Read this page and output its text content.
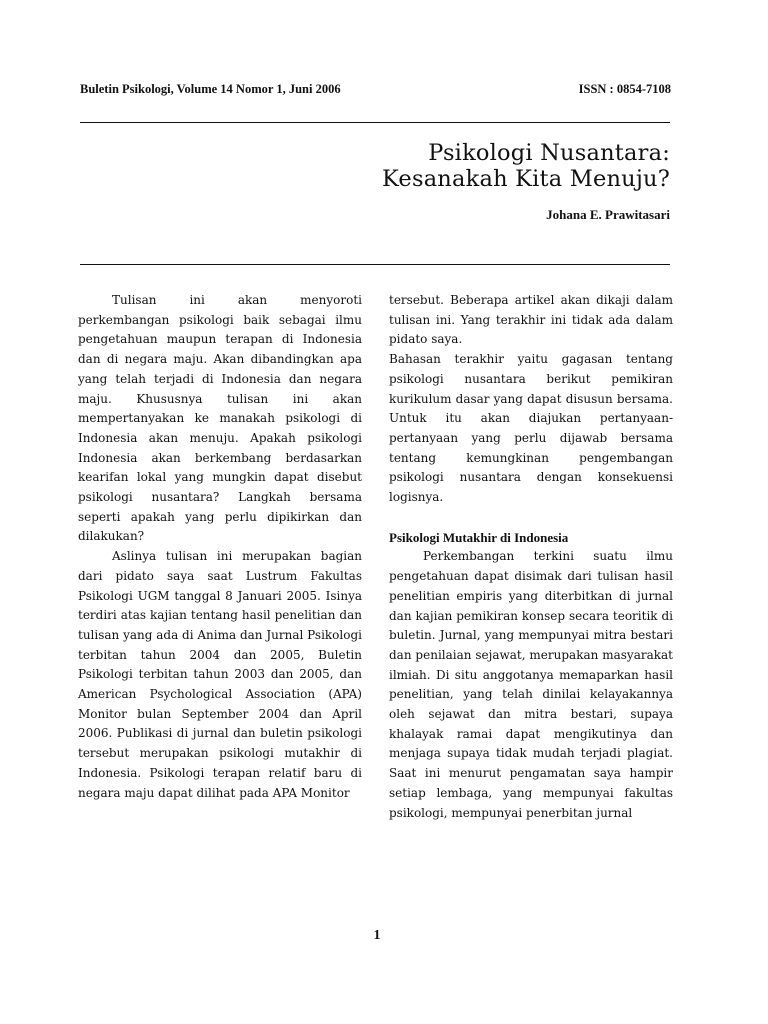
Buletin Psikologi, Volume 14 Nomor 1, Juni 2006	ISSN : 0854-7108
Psikologi Nusantara:
Kesanakah Kita Menuju?
Johana E. Prawitasari

Tulisan ini akan menyoroti perkembangan psikologi baik sebagai ilmu pengetahuan maupun terapan di Indonesia dan di negara maju. Akan dibandingkan apa yang telah terjadi di Indonesia dan negara maju. Khususnya tulisan ini akan mempertanyakan ke manakah psikologi di Indonesia akan menuju. Apakah psikologi Indonesia akan berkembang berdasarkan kearifan lokal yang mungkin dapat disebut psikologi nusantara? Langkah bersama seperti apakah yang perlu dipikirkan dan dilakukan?

Aslinya tulisan ini merupakan bagian dari pidato saya saat Lustrum Fakultas Psikologi UGM tanggal 8 Januari 2005. Isinya terdiri atas kajian tentang hasil penelitian dan tulisan yang ada di Anima dan Jurnal Psikologi terbitan tahun 2004 dan 2005, Buletin Psikologi terbitan tahun 2003 dan 2005, dan American Psychological Association (APA) Monitor bulan September 2004 dan April 2006. Publikasi di jurnal dan buletin psikologi tersebut merupakan psikologi mutakhir di Indonesia. Psikologi terapan relatif baru di negara maju dapat dilihat pada APA Monitor

tersebut. Beberapa artikel akan dikaji dalam tulisan ini. Yang terakhir ini tidak ada dalam pidato saya.

Bahasan terakhir yaitu gagasan tentang psikologi nusantara berikut pemikiran kurikulum dasar yang dapat disusun bersama. Untuk itu akan diajukan pertanyaan-pertanyaan yang perlu dijawab bersama tentang kemungkinan pengembangan psikologi nusantara dengan konsekuensi logisnya.

Psikologi Mutakhir di Indonesia

Perkembangan terkini suatu ilmu pengetahuan dapat disimak dari tulisan hasil penelitian empiris yang diterbitkan di jurnal dan kajian pemikiran konsep secara teoritik di buletin. Jurnal, yang mempunyai mitra bestari dan penilaian sejawat, merupakan masyarakat ilmiah. Di situ anggotanya memaparkan hasil penelitian, yang telah dinilai kelayakannya oleh sejawat dan mitra bestari, supaya khalayak ramai dapat mengikutinya dan menjaga supaya tidak mudah terjadi plagiat. Saat ini menurut pengamatan saya hampir setiap lembaga, yang mempunyai fakultas psikologi, mempunyai penerbitan jurnal

1
